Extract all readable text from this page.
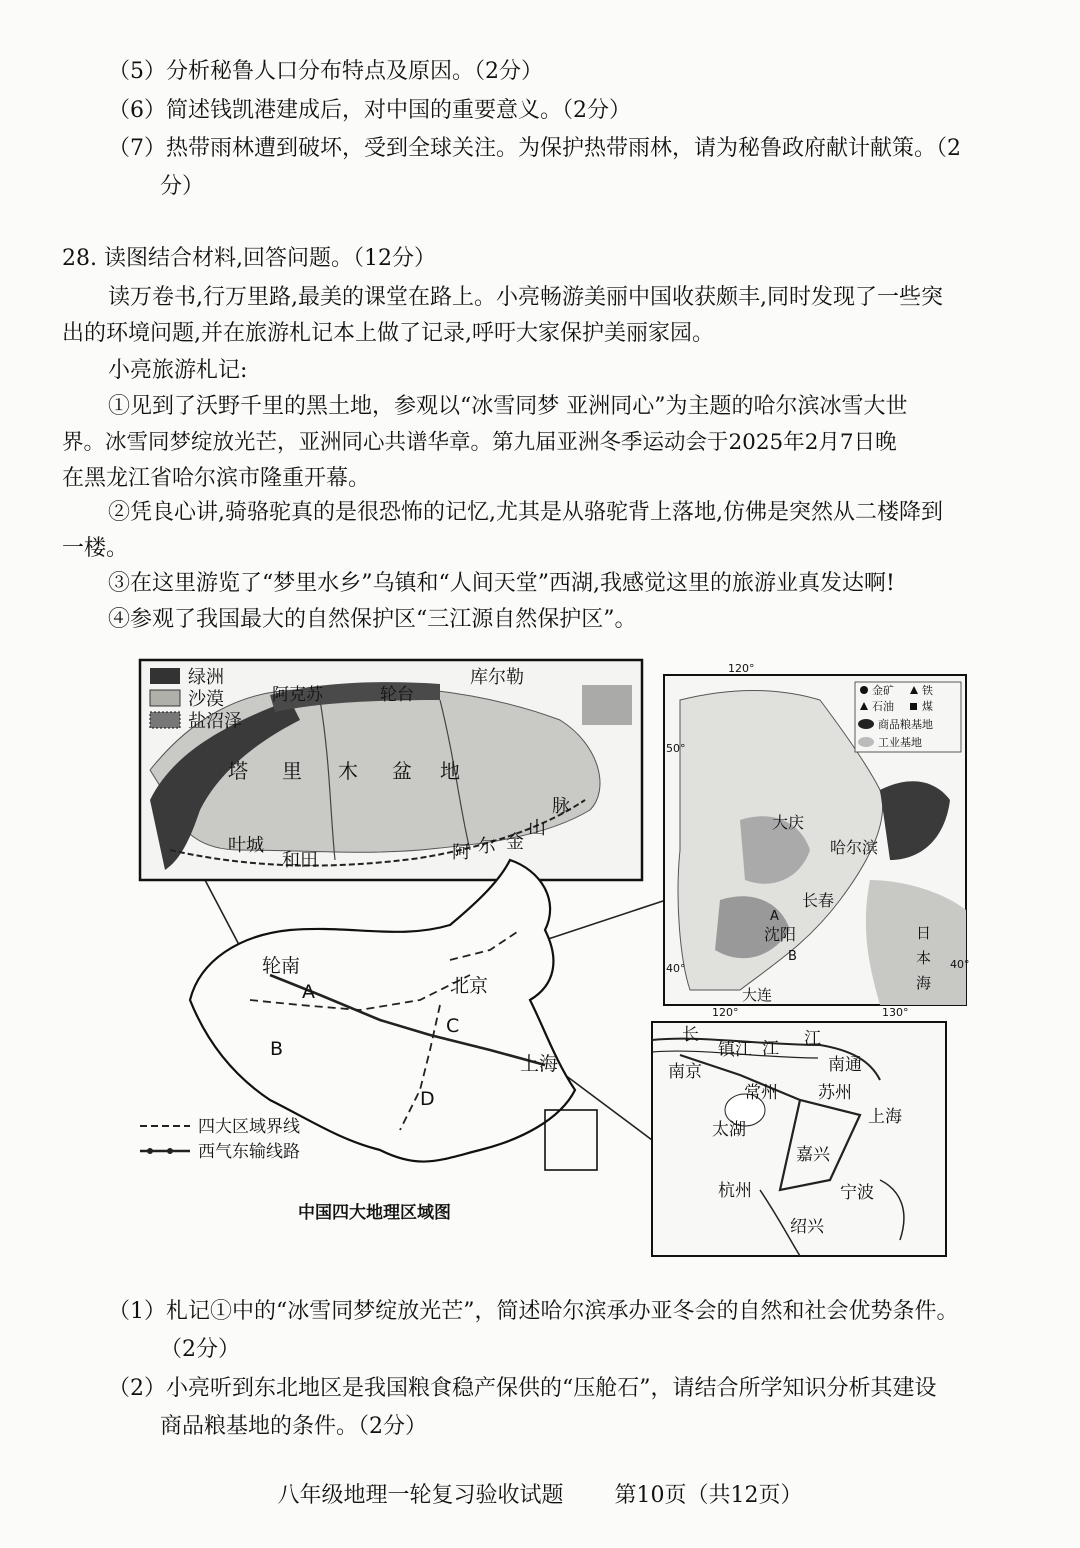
（5）分析秘鲁人口分布特点及原因。（2分）
（6）简述钱凯港建成后，对中国的重要意义。（2分）
（7）热带雨林遭到破坏，受到全球关注。为保护热带雨林，请为秘鲁政府献计献策。（2
分）
28. 读图结合材料,回答问题。（12分）
读万卷书,行万里路,最美的课堂在路上。小亮畅游美丽中国收获颇丰,同时发现了一些突
出的环境问题,并在旅游札记本上做了记录,呼吁大家保护美丽家园。
小亮旅游札记:
①见到了沃野千里的黑土地，参观以“冰雪同梦 亚洲同心”为主题的哈尔滨冰雪大世
界。冰雪同梦绽放光芒，亚洲同心共谱华章。第九届亚洲冬季运动会于2025年2月7日晚
在黑龙江省哈尔滨市隆重开幕。
②凭良心讲,骑骆驼真的是很恐怖的记忆,尤其是从骆驼背上落地,仿佛是突然从二楼降到
一楼。
③在这里游览了“梦里水乡”乌镇和“人间天堂”西湖,我感觉这里的旅游业真发达啊!
④参观了我国最大的自然保护区“三江源自然保护区”。
绿洲
沙漠
盐沼泽
塔 里 木 盆 地
阿克苏
库尔勒
轮台
叶城
和田	阿 尔 金
山
脉
120°
120°	130°
50°
40°	40°
金矿	铁
石油	煤
商品粮基地
工业基地
大庆
哈尔滨
长春
沈阳
大连
A
B
日
本
海
A
B
C
D
轮南
北京
上海
四大区域界线
西气东输线路
中国四大地理区域图
长
江 江
南京
镇江
南通
常州 苏州
上海
太湖
嘉兴
杭州	宁波
绍兴
（1）札记①中的“冰雪同梦绽放光芒”，简述哈尔滨承办亚冬会的自然和社会优势条件。
（2分）
（2）小亮听到东北地区是我国粮食稳产保供的“压舱石”，请结合所学知识分析其建设
商品粮基地的条件。（2分）
八年级地理一轮复习验收试题 第10页（共12页）
